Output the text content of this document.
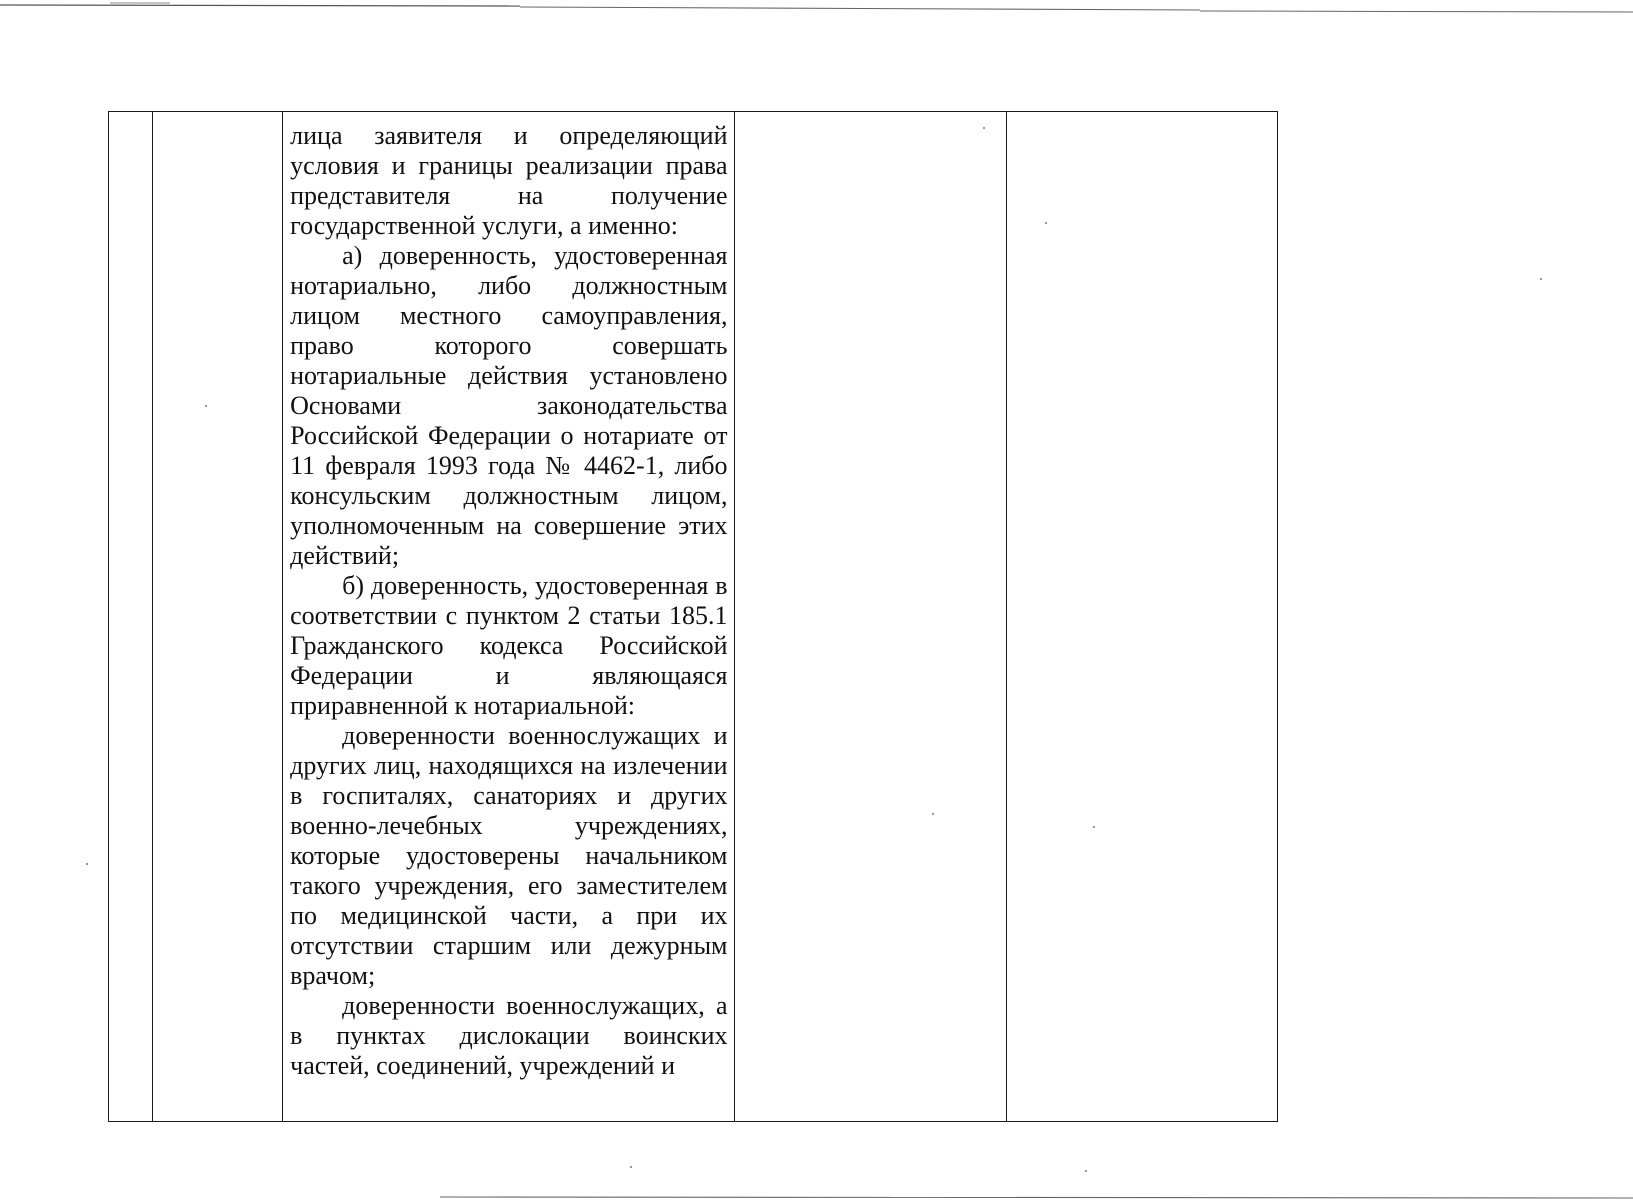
лица заявителя и определяющий условия и границы реализации права представителя на получение государственной услуги, а именно:

а) доверенность, удостоверенная нотариально, либо должностным лицом местного самоуправления, право которого совершать нотариальные действия установлено Основами законодательства Российской Федерации о нотариате от 11 февраля 1993 года № 4462-1, либо консульским должностным лицом, уполномоченным на совершение этих действий;

б) доверенность, удостоверенная в соответствии с пунктом 2 статьи 185.1 Гражданского кодекса Российской Федерации и являющаяся приравненной к нотариальной:

доверенности военнослужащих и других лиц, находящихся на излечении в госпиталях, санаториях и других военно-лечебных учреждениях, которые удостоверены начальником такого учреждения, его заместителем по медицинской части, а при их отсутствии старшим или дежурным врачом;

доверенности военнослужащих, а в пунктах дислокации воинских частей, соединений, учреждений и
